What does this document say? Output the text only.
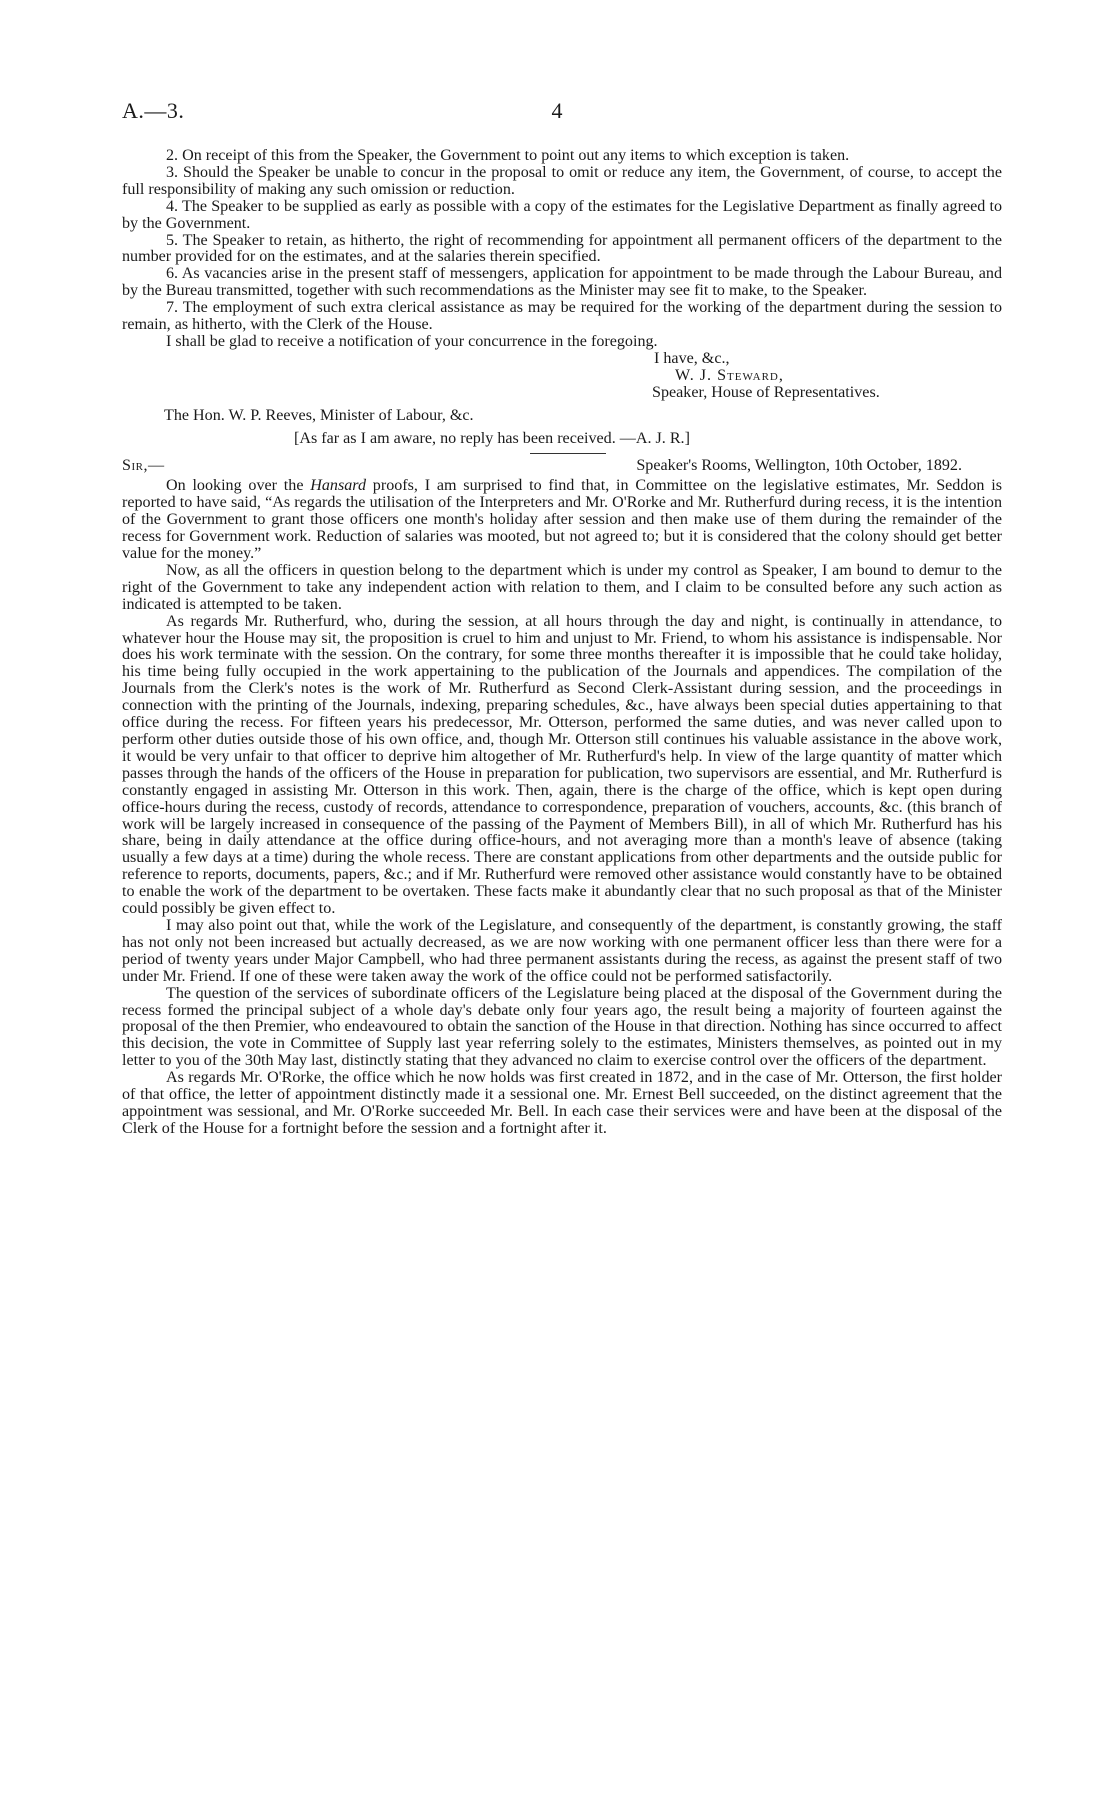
A.—3.	4

2. On receipt of this from the Speaker, the Government to point out any items to which exception is taken.

3. Should the Speaker be unable to concur in the proposal to omit or reduce any item, the Government, of course, to accept the full responsibility of making any such omission or reduction.

4. The Speaker to be supplied as early as possible with a copy of the estimates for the Legislative Department as finally agreed to by the Government.

5. The Speaker to retain, as hitherto, the right of recommending for appointment all permanent officers of the department to the number provided for on the estimates, and at the salaries therein specified.

6. As vacancies arise in the present staff of messengers, application for appointment to be made through the Labour Bureau, and by the Bureau transmitted, together with such recommendations as the Minister may see fit to make, to the Speaker.

7. The employment of such extra clerical assistance as may be required for the working of the department during the session to remain, as hitherto, with the Clerk of the House.

I shall be glad to receive a notification of your concurrence in the foregoing.

I have, &c.,
W. J. Steward,
Speaker, House of Representatives.
The Hon. W. P. Reeves, Minister of Labour, &c.
[As far as I am aware, no reply has been received. —A. J. R.]
Sir,—	Speaker's Rooms, Wellington, 10th October, 1892.

On looking over the Hansard proofs, I am surprised to find that, in Committee on the legislative estimates, Mr. Seddon is reported to have said, “As regards the utilisation of the Interpreters and Mr. O'Rorke and Mr. Rutherfurd during recess, it is the intention of the Government to grant those officers one month's holiday after session and then make use of them during the remainder of the recess for Government work. Reduction of salaries was mooted, but not agreed to; but it is considered that the colony should get better value for the money.”

Now, as all the officers in question belong to the department which is under my control as Speaker, I am bound to demur to the right of the Government to take any independent action with relation to them, and I claim to be consulted before any such action as indicated is attempted to be taken.

As regards Mr. Rutherfurd, who, during the session, at all hours through the day and night, is continually in attendance, to whatever hour the House may sit, the proposition is cruel to him and unjust to Mr. Friend, to whom his assistance is indispensable. Nor does his work terminate with the session. On the contrary, for some three months thereafter it is impossible that he could take holiday, his time being fully occupied in the work appertaining to the publication of the Journals and appendices. The compilation of the Journals from the Clerk's notes is the work of Mr. Rutherfurd as Second Clerk-Assistant during session, and the proceedings in connection with the printing of the Journals, indexing, preparing schedules, &c., have always been special duties appertaining to that office during the recess. For fifteen years his predecessor, Mr. Otterson, performed the same duties, and was never called upon to perform other duties outside those of his own office, and, though Mr. Otterson still continues his valuable assistance in the above work, it would be very unfair to that officer to deprive him altogether of Mr. Rutherfurd's help. In view of the large quantity of matter which passes through the hands of the officers of the House in preparation for publication, two supervisors are essential, and Mr. Rutherfurd is constantly engaged in assisting Mr. Otterson in this work. Then, again, there is the charge of the office, which is kept open during office-hours during the recess, custody of records, attendance to correspondence, preparation of vouchers, accounts, &c. (this branch of work will be largely increased in consequence of the passing of the Payment of Members Bill), in all of which Mr. Rutherfurd has his share, being in daily attendance at the office during office-hours, and not averaging more than a month's leave of absence (taking usually a few days at a time) during the whole recess. There are constant applications from other departments and the outside public for reference to reports, documents, papers, &c.; and if Mr. Rutherfurd were removed other assistance would constantly have to be obtained to enable the work of the department to be overtaken. These facts make it abundantly clear that no such proposal as that of the Minister could possibly be given effect to.

I may also point out that, while the work of the Legislature, and consequently of the department, is constantly growing, the staff has not only not been increased but actually decreased, as we are now working with one permanent officer less than there were for a period of twenty years under Major Campbell, who had three permanent assistants during the recess, as against the present staff of two under Mr. Friend. If one of these were taken away the work of the office could not be performed satisfactorily.

The question of the services of subordinate officers of the Legislature being placed at the disposal of the Government during the recess formed the principal subject of a whole day's debate only four years ago, the result being a majority of fourteen against the proposal of the then Premier, who endeavoured to obtain the sanction of the House in that direction. Nothing has since occurred to affect this decision, the vote in Committee of Supply last year referring solely to the estimates, Ministers themselves, as pointed out in my letter to you of the 30th May last, distinctly stating that they advanced no claim to exercise control over the officers of the department.

As regards Mr. O'Rorke, the office which he now holds was first created in 1872, and in the case of Mr. Otterson, the first holder of that office, the letter of appointment distinctly made it a sessional one. Mr. Ernest Bell succeeded, on the distinct agreement that the appointment was sessional, and Mr. O'Rorke succeeded Mr. Bell. In each case their services were and have been at the disposal of the Clerk of the House for a fortnight before the session and a fortnight after it.
